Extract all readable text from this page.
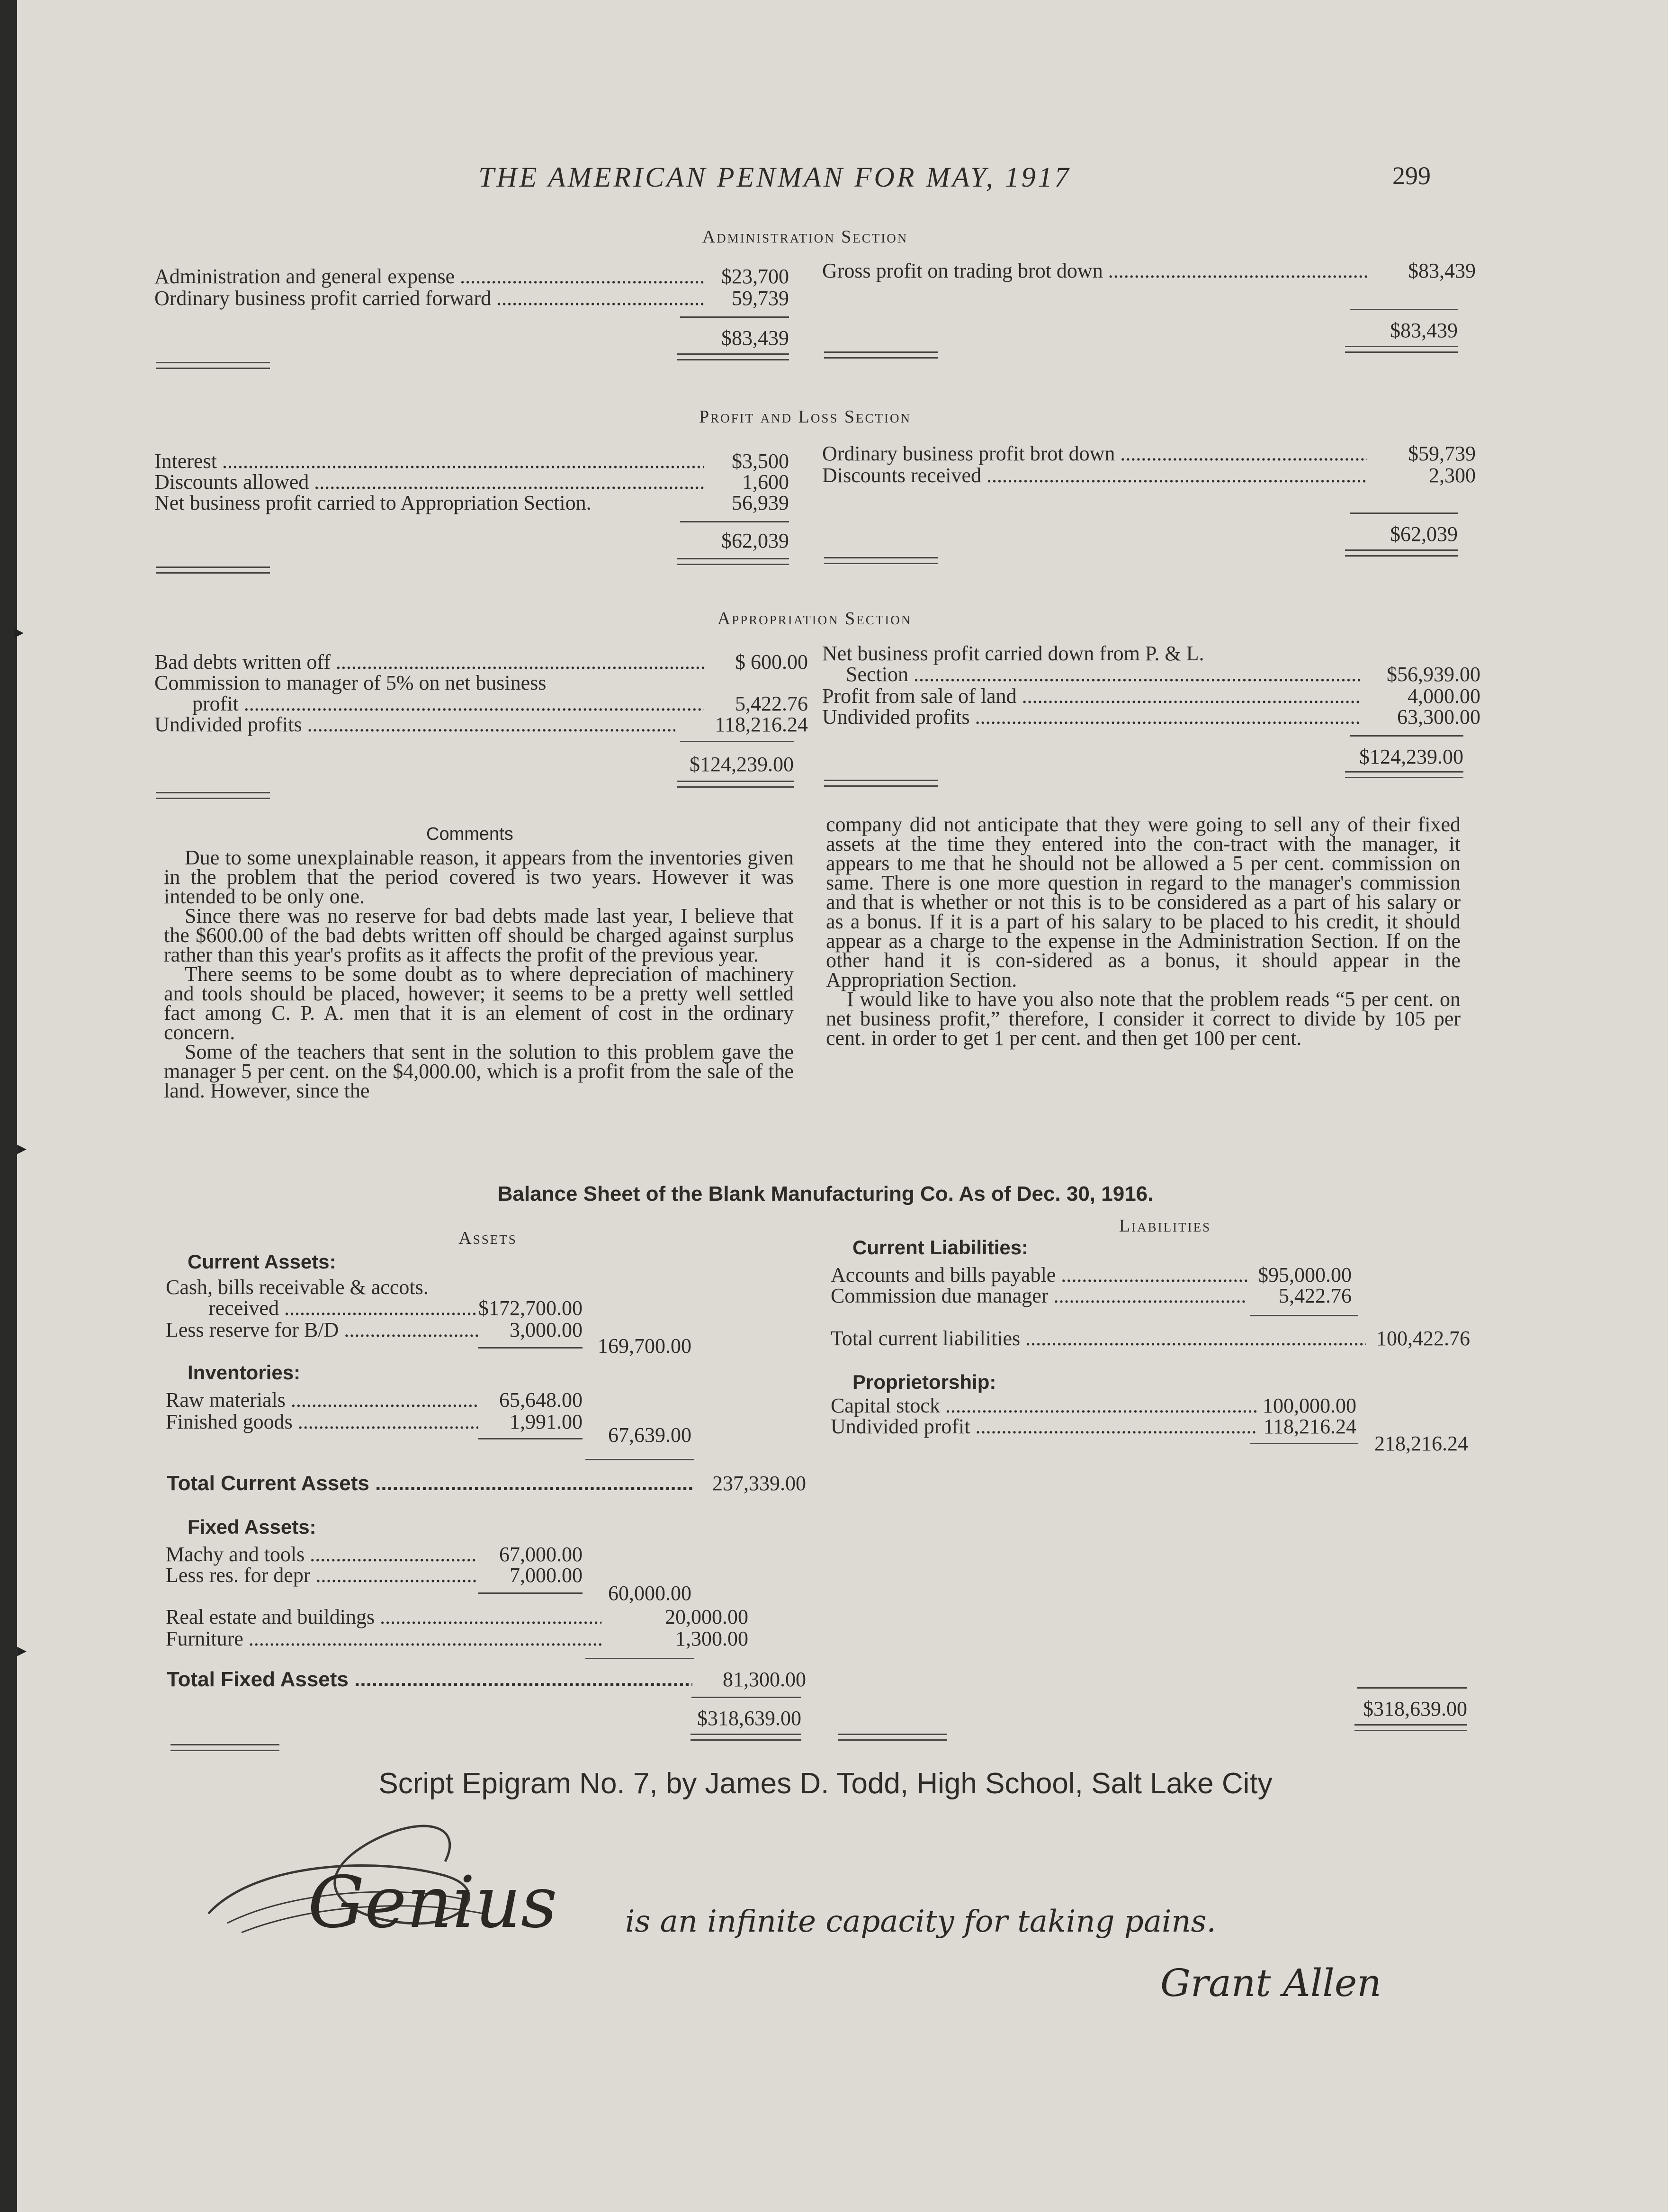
▸
▸
▸
THE AMERICAN PENMAN FOR MAY, 1917	299
Administration Section
Administration and general expense .....	$23,700
Ordinary business profit carried forward .....	59,739
$83,439
Gross profit on trading brot down .....	$83,439
$83,439
Profit and Loss Section
Interest .....	$3,500
Discounts allowed .....	1,600
Net business profit carried to Appropriation Section.	56,939
$62,039
Ordinary business profit brot down .....	$59,739
Discounts received .....	2,300
$62,039
Appropriation Section
Bad debts written off .....	$ 600.00
Commission to manager of 5% on net business
profit .....	5,422.76
Undivided profits .....	118,216.24
$124,239.00
Net business profit carried down from P. & L.
Section .....	$56,939.00
Profit from sale of land .....	4,000.00
Undivided profits .....	63,300.00
$124,239.00
Comments

Due to some unexplainable reason, it appears from the inventories given in the problem that the period covered is two years. However it was intended to be only one.

Since there was no reserve for bad debts made last year, I believe that the $600.00 of the bad debts written off should be charged against surplus rather than this year's profits as it affects the profit of the previous year.

There seems to be some doubt as to where depreciation of machinery and tools should be placed, however; it seems to be a pretty well settled fact among C. P. A. men that it is an element of cost in the ordinary concern.

Some of the teachers that sent in the solution to this problem gave the manager 5 per cent. on the $4,000.00, which is a profit from the sale of the land. However, since the

company did not anticipate that they were going to sell any of their fixed assets at the time they entered into the con-tract with the manager, it appears to me that he should not be allowed a 5 per cent. commission on same. There is one more question in regard to the manager's commission and that is whether or not this is to be considered as a part of his salary or as a bonus. If it is a part of his salary to be placed to his credit, it should appear as a charge to the expense in the Administration Section. If on the other hand it is con-sidered as a bonus, it should appear in the Appropriation Section.

I would like to have you also note that the problem reads “5 per cent. on net business profit,” therefore, I consider it correct to divide by 105 per cent. in order to get 1 per cent. and then get 100 per cent.

Balance Sheet of the Blank Manufacturing Co. As of Dec. 30, 1916.
Assets
Liabilities
Current Assets:
Cash, bills receivable & accots.
received .....	$172,700.00
Less reserve for B/D .....	3,000.00
169,700.00
Inventories:
Raw materials .....	65,648.00
Finished goods .....	1,991.00
67,639.00
Total Current Assets .....	237,339.00
Fixed Assets:
Machy and tools .....	67,000.00
Less res. for depr .....	7,000.00
60,000.00
Real estate and buildings .....	20,000.00
Furniture .....	1,300.00
Total Fixed Assets .....	81,300.00
$318,639.00
Current Liabilities:
Accounts and bills payable .....	$95,000.00
Commission due manager .....	5,422.76
Total current liabilities .....	100,422.76
Proprietorship:
Capital stock .....	100,000.00
Undivided profit .....	118,216.24
218,216.24
$318,639.00
Script Epigram No. 7, by James D. Todd, High School, Salt Lake City
Genius is an infinite capacity for taking pains.
Grant Allen
